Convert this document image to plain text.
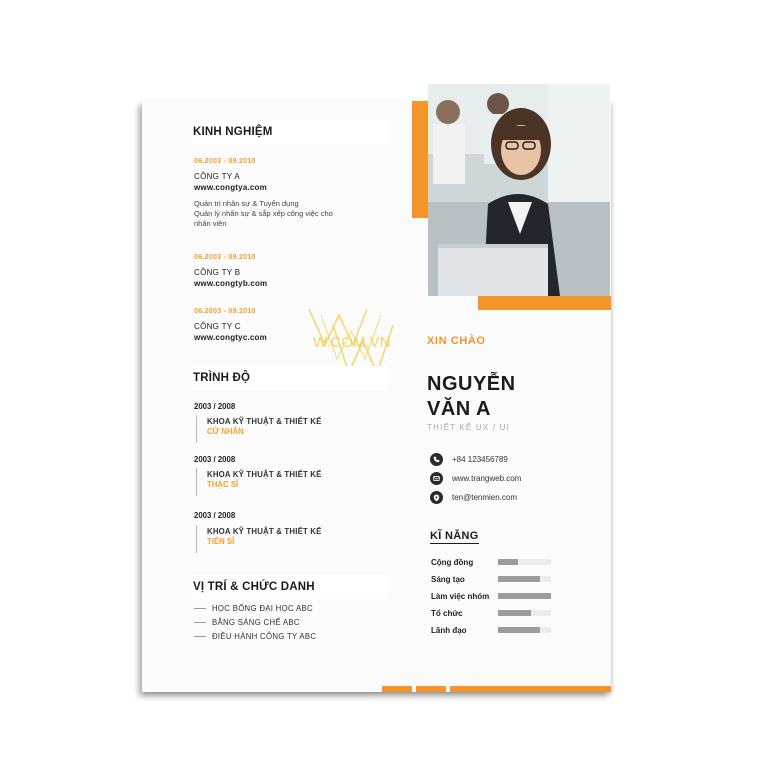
KINH NGHIỆM
06.2003 - 09.2010
CÔNG TY A
www.congtya.com
Quản trị nhân sự & Tuyển dụng
Quản lý nhân sự & sắp xếp công việc cho
nhân viên
06.2003 - 09.2010
CÔNG TY B
www.congtyb.com
06.2003 - 09.2010
CÔNG TY C
www.congtyc.com	W.COM.VN
TRÌNH ĐỘ
2003 / 2008
KHOA KỸ THUẬT & THIẾT KẾ
CỬ NHÂN
2003 / 2008
KHOA KỸ THUẬT & THIẾT KẾ
THẠC SĨ
2003 / 2008
KHOA KỸ THUẬT & THIẾT KẾ
TIẾN SĨ
VỊ TRÍ & CHỨC DANH
HỌC BỔNG ĐẠI HỌC ABC
BẰNG SÁNG CHẾ ABC
ĐIỀU HÀNH CÔNG TY ABC
XIN CHÀO
NGUYỄN
VĂN A
THIẾT KẾ UX / UI
+84 123456789
www.trangweb.com
ten@tenmien.com
KĨ NĂNG
Cộng đồng
Sáng tạo
Làm việc nhóm
Tổ chức
Lãnh đạo
